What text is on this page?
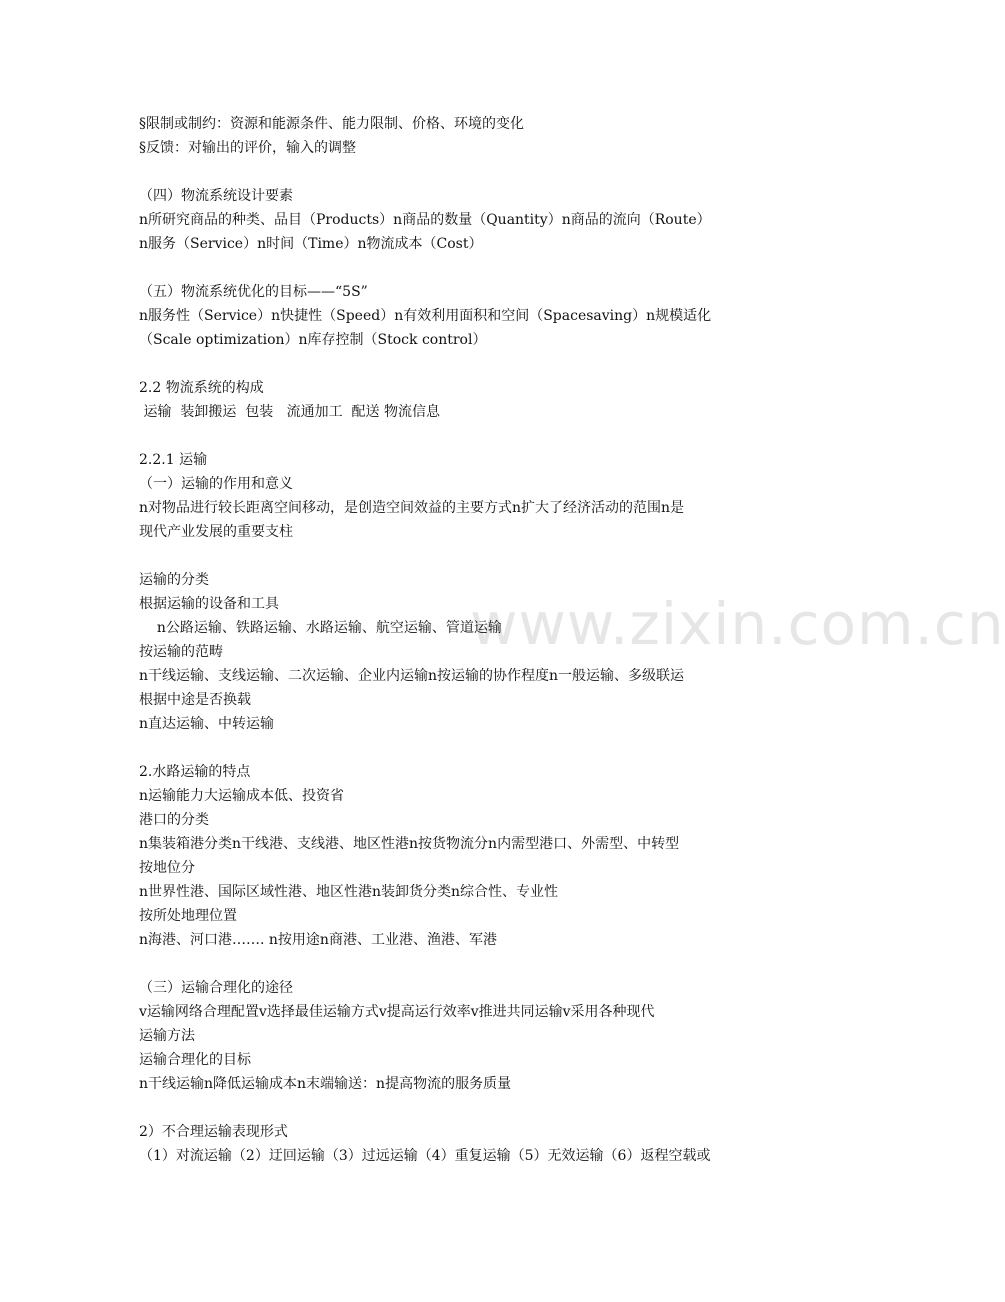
www.zixin.com.cn
§限制或制约：资源和能源条件、能力限制、价格、环境的变化
§反馈：对输出的评价，输入的调整
（四）物流系统设计要素
n所研究商品的种类、品目（Products）n商品的数量（Quantity）n商品的流向（Route）
n服务（Service）n时间（Time）n物流成本（Cost）
（五）物流系统优化的目标——“5S”
n服务性（Service）n快捷性（Speed）n有效利用面积和空间（Spacesaving）n规模适化
（Scale optimization）n库存控制（Stock control）
2.2 物流系统的构成
运输  装卸搬运  包装   流通加工  配送 物流信息
2.2.1 运输
（一）运输的作用和意义
n对物品进行较长距离空间移动，是创造空间效益的主要方式n扩大了经济活动的范围n是
现代产业发展的重要支柱
运输的分类
根据运输的设备和工具
n公路运输、铁路运输、水路运输、航空运输、管道运输
按运输的范畴
n干线运输、支线运输、二次运输、企业内运输n按运输的协作程度n一般运输、多级联运
根据中途是否换载
n直达运输、中转运输
2.水路运输的特点
n运输能力大运输成本低、投资省
港口的分类
n集装箱港分类n干线港、支线港、地区性港n按货物流分n内需型港口、外需型、中转型
按地位分
n世界性港、国际区域性港、地区性港n装卸货分类n综合性、专业性
按所处地理位置
n海港、河口港……. n按用途n商港、工业港、渔港、军港
（三）运输合理化的途径
v运输网络合理配置v选择最佳运输方式v提高运行效率v推进共同运输v采用各种现代
运输方法
运输合理化的目标
n干线运输n降低运输成本n末端输送：n提高物流的服务质量
2）不合理运输表现形式
（1）对流运输（2）迂回运输（3）过远运输（4）重复运输（5）无效运输（6）返程空载或
